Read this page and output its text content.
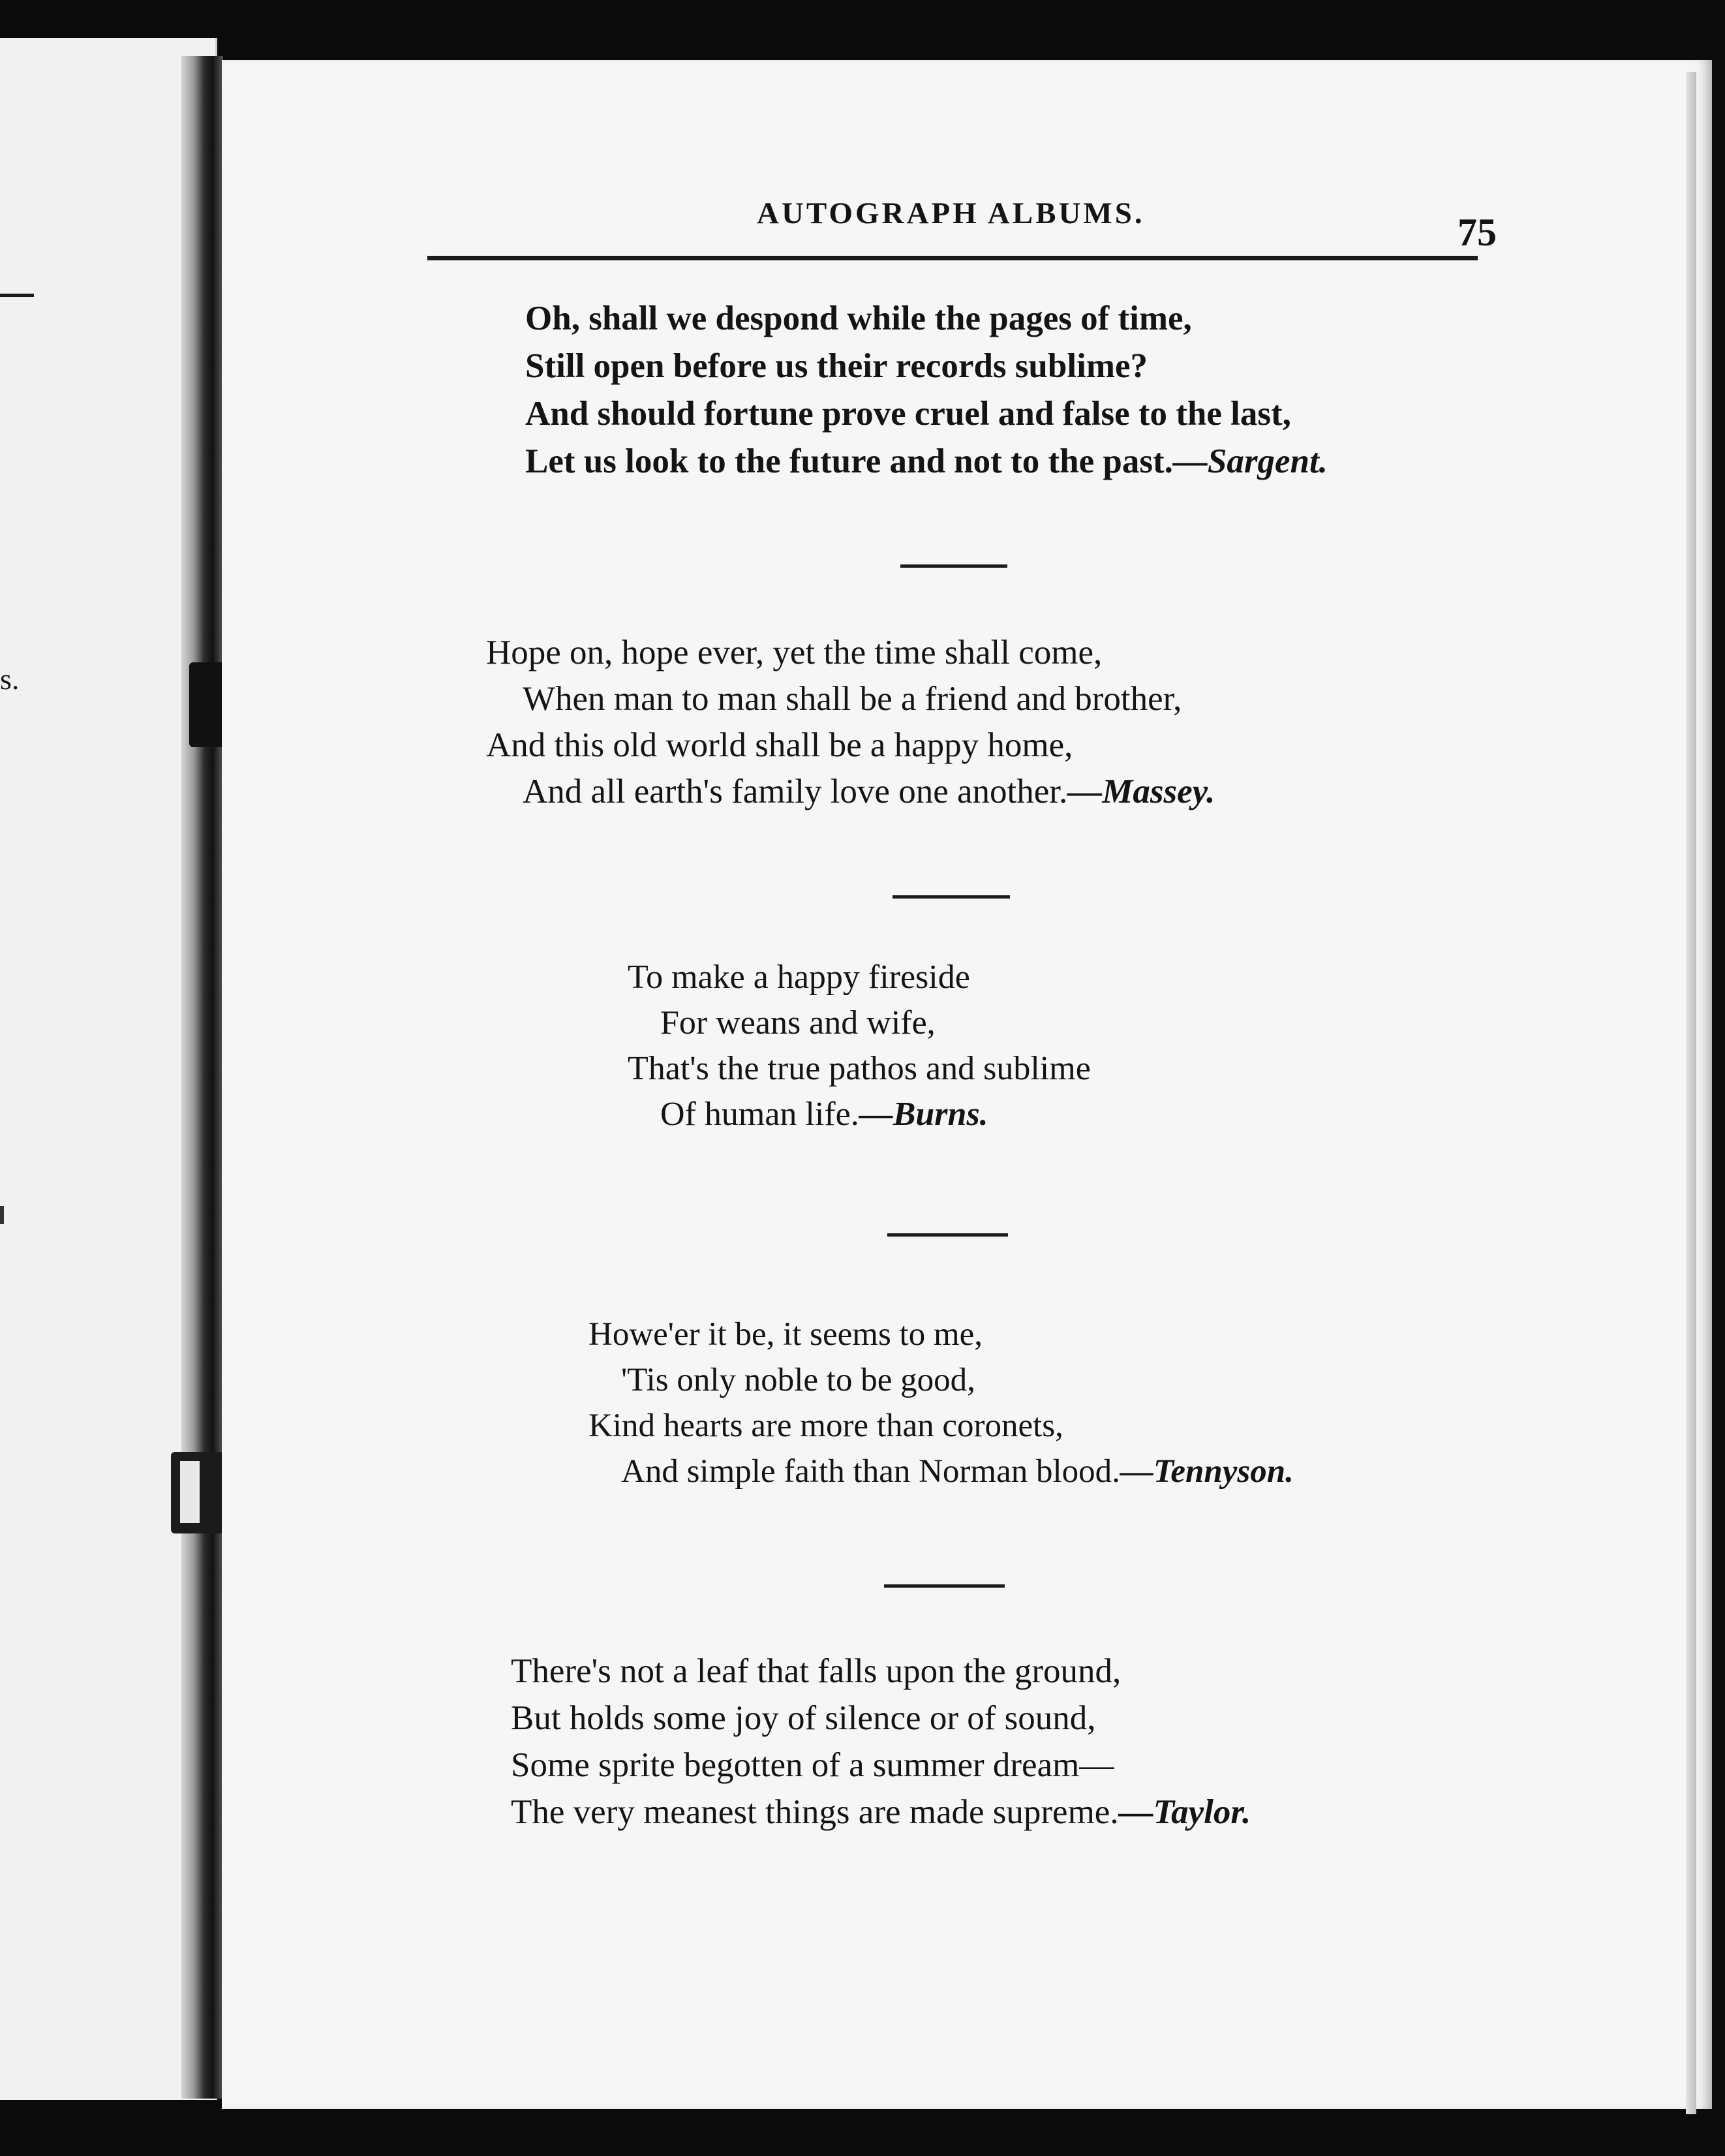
s.
AUTOGRAPH ALBUMS.	75
Oh, shall we despond while the pages of time,
Still open before us their records sublime?
And should fortune prove cruel and false to the last,
Let us look to the future and not to the past.—Sargent.
Hope on, hope ever, yet the time shall come,
When man to man shall be a friend and brother,
And this old world shall be a happy home,
And all earth's family love one another.—Massey.
To make a happy fireside
For weans and wife,
That's the true pathos and sublime
Of human life.—Burns.
Howe'er it be, it seems to me,
'Tis only noble to be good,
Kind hearts are more than coronets,
And simple faith than Norman blood.—Tennyson.
There's not a leaf that falls upon the ground,
But holds some joy of silence or of sound,
Some sprite begotten of a summer dream—
The very meanest things are made supreme.—Taylor.
